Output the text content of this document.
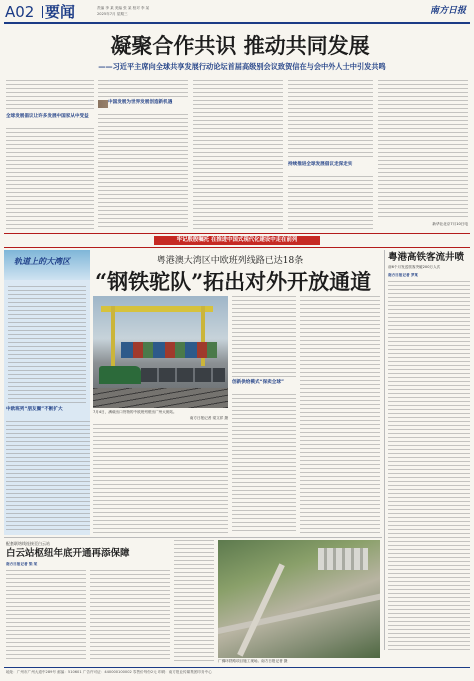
A02 要闻	责编 李 某 美编 张 某 校对 李 某
2025年7月 星期三	南方日报
凝聚合作共识 推动共同发展
——习近平主席向全球共享发展行动论坛首届高级别会议致贺信在与会中外人士中引发共鸣
全球发展倡议让许多发展中国家从中受益
中国发展为世界发展创造新机遇
持续推进全球发展倡议走深走实
新华社北京7月10日电
牢记殷殷嘱托 在推进中国式现代化建设中走在前列
轨道上的大湾区
中欧班列“朋友圈”不断扩大
粤港澳大湾区中欧班列线路已达18条
“钢铁驼队”拓出对外开放通道
7月4日，满载出口货物的中欧班列驶出广州大朗站。
南方日报记者 梁文祥 摄
创新供给模式“保卖全球”
粤港高铁客流井喷
前6个月发送旅客突破200万人次
南方日报记者 罗某
配套联络线连接至白云站
白云站枢纽年底开通再添保障
南方日报记者 梁 某
广佛环铁路项目施工现场。南方日报记者 摄
地址：广州市广州大道中289号 邮编：510601 广告许可证：440000100002 零售价每份2元 印刷：南方报业传媒集团印务中心
